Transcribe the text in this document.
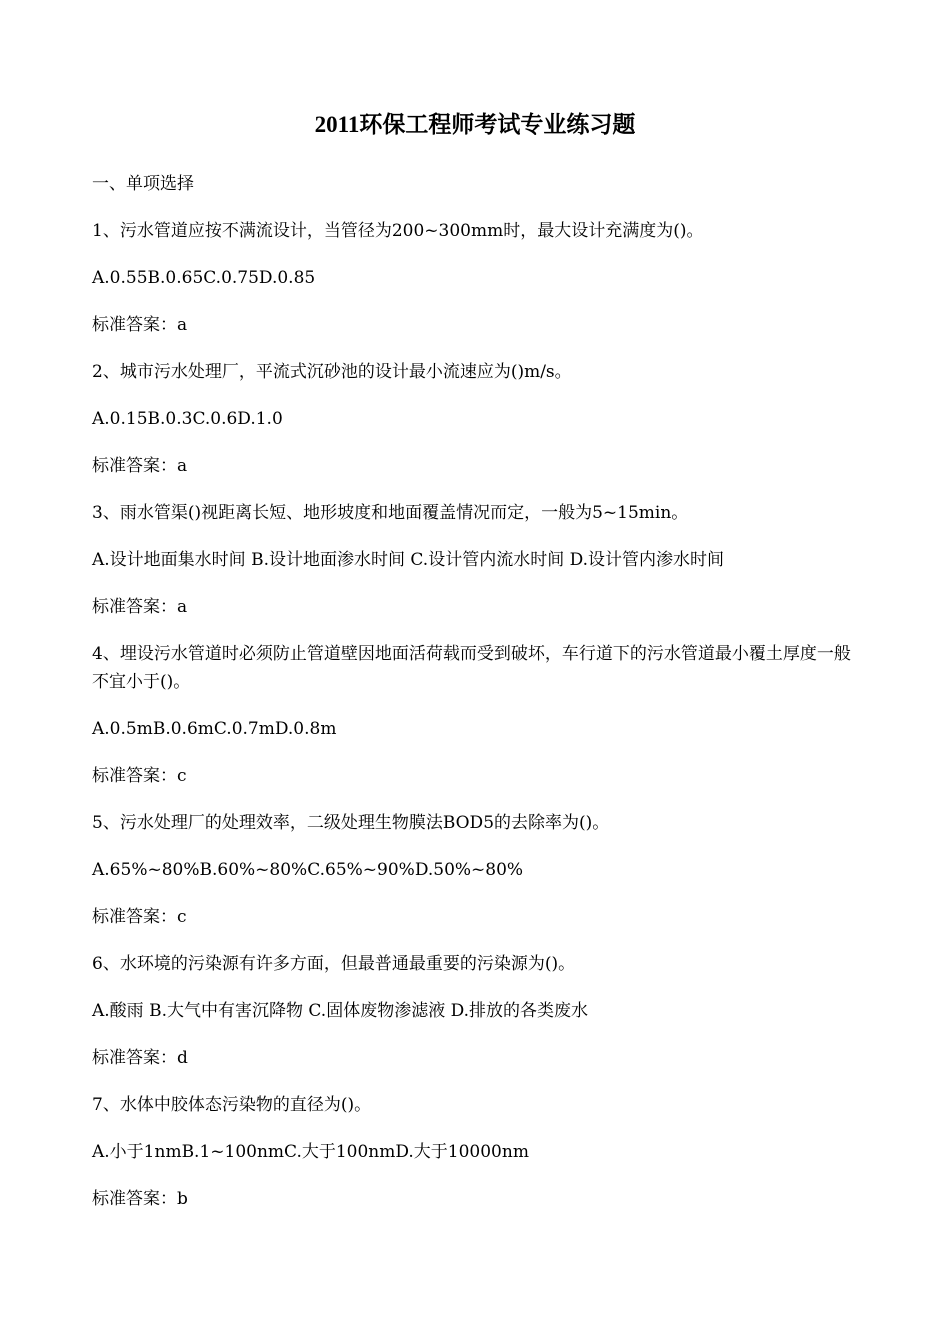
2011环保工程师考试专业练习题

一、单项选择

1、污水管道应按不满流设计，当管径为200~300mm时，最大设计充满度为()。

A.0.55B.0.65C.0.75D.0.85

标准答案：a

2、城市污水处理厂，平流式沉砂池的设计最小流速应为()m/s。

A.0.15B.0.3C.0.6D.1.0

标准答案：a

3、雨水管渠()视距离长短、地形坡度和地面覆盖情况而定，一般为5~15min。

A.设计地面集水时间 B.设计地面渗水时间 C.设计管内流水时间 D.设计管内渗水时间

标准答案：a

4、埋设污水管道时必须防止管道壁因地面活荷载而受到破坏，车行道下的污水管道最小覆土厚度一般不宜小于()。

A.0.5mB.0.6mC.0.7mD.0.8m

标准答案：c

5、污水处理厂的处理效率，二级处理生物膜法BOD5的去除率为()。

A.65%~80%B.60%~80%C.65%~90%D.50%~80%

标准答案：c

6、水环境的污染源有许多方面，但最普通最重要的污染源为()。

A.酸雨 B.大气中有害沉降物 C.固体废物渗滤液 D.排放的各类废水

标准答案：d

7、水体中胶体态污染物的直径为()。

A.小于1nmB.1~100nmC.大于100nmD.大于10000nm

标准答案：b
